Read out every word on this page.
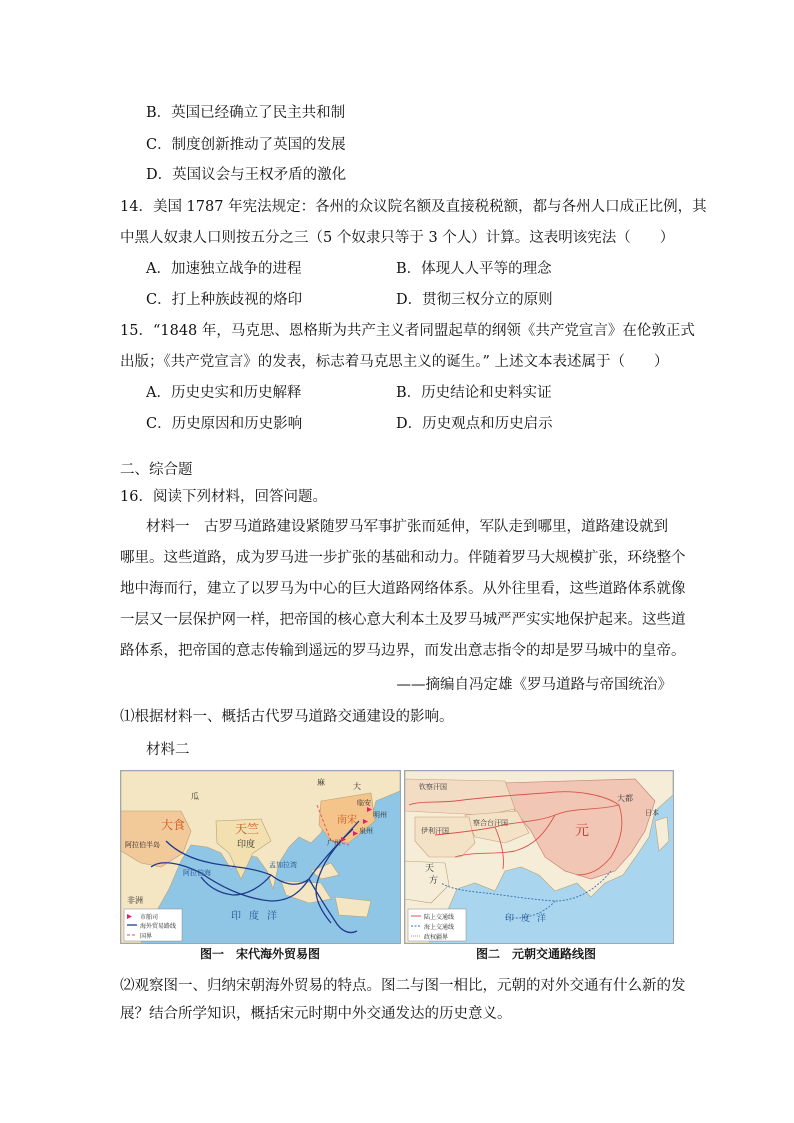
B．英国已经确立了民主共和制
C．制度创新推动了英国的发展
D．英国议会与王权矛盾的激化
14．美国 1787 年宪法规定：各州的众议院名额及直接税税额，都与各州人口成正比例，其
中黑人奴隶人口则按五分之三（5 个奴隶只等于 3 个人）计算。这表明该宪法（　　）
A．加速独立战争的进程	B．体现人人平等的理念
C．打上种族歧视的烙印	D．贯彻三权分立的原则
15．“1848 年，马克思、恩格斯为共产主义者同盟起草的纲领《共产党宣言》在伦敦正式
出版；《共产党宣言》的发表，标志着马克思主义的诞生。” 上述文本表述属于（　　）
A．历史史实和历史解释	B．历史结论和史料实证
C．历史原因和历史影响	D．历史观点和历史启示
二、综合题
16．阅读下列材料，回答问题。
材料一　古罗马道路建设紧随罗马军事扩张而延伸，军队走到哪里，道路建设就到
哪里。这些道路，成为罗马进一步扩张的基础和动力。伴随着罗马大规模扩张，环绕整个
地中海而行，建立了以罗马为中心的巨大道路网络体系。从外往里看，这些道路体系就像
一层又一层保护网一样，把帝国的核心意大利本土及罗马城严严实实地保护起来。这些道
路体系，把帝国的意志传输到遥远的罗马边界，而发出意志指令的却是罗马城中的皇帝。
——摘编自冯定雄《罗马道路与帝国统治》
⑴根据材料一、概括古代罗马道路交通建设的影响。
材料二
大食	天竺
印度
南宋
临安
明州
泉州
广州
阿拉伯半岛
阿拉伯海
孟加拉湾
非洲
印 度 洋
麻
瓜
大
市舶司
海外贸易路线
国界
钦察汗国
察合台汗国
伊利汗国
大都
元
天
方
印 度 洋
日本
陆上交通线
海上交通线
政权疆界
图一　宋代海外贸易图	图二　元朝交通路线图
⑵观察图一、归纳宋朝海外贸易的特点。图二与图一相比，元朝的对外交通有什么新的发
展？结合所学知识，概括宋元时期中外交通发达的历史意义。
